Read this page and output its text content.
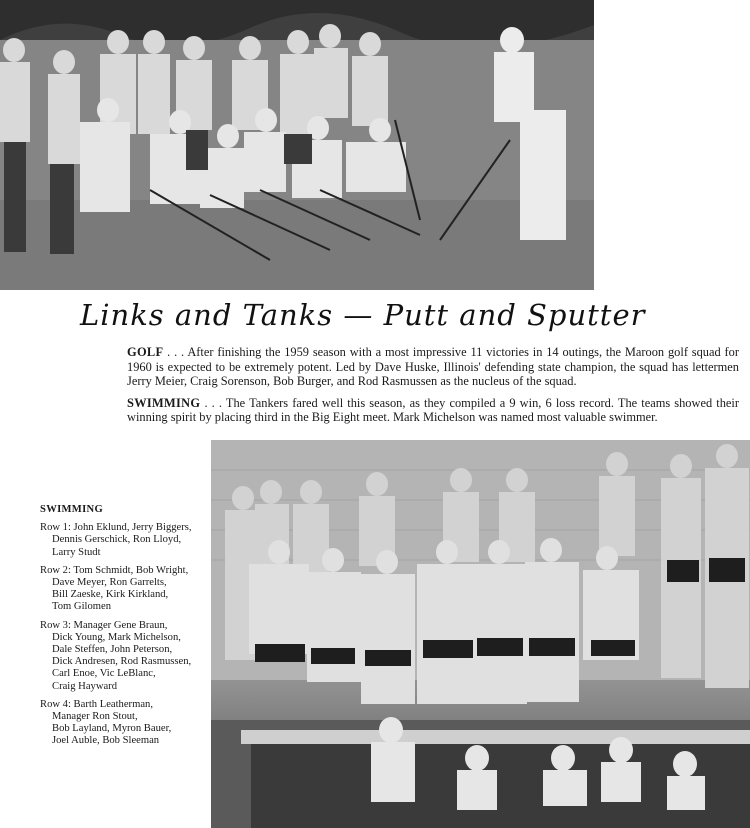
Links and Tanks — Putt and Sputter

GOLF . . . After finishing the 1959 season with a most impressive 11 victories in 14 outings, the Maroon golf squad for 1960 is expected to be extremely potent. Led by Dave Huske, Illinois' defending state champion, the squad has lettermen Jerry Meier, Craig Sorenson, Bob Burger, and Rod Rasmussen as the nucleus of the squad.

SWIMMING . . . The Tankers fared well this season, as they compiled a 9 win, 6 loss record. The teams showed their winning spirit by placing third in the Big Eight meet. Mark Michelson was named most valuable swimmer.

SWIMMING
Row 1: John Eklund, Jerry Biggers,
Dennis Gerschick, Ron Lloyd,
Larry Studt
Row 2: Tom Schmidt, Bob Wright,
Dave Meyer, Ron Garrelts,
Bill Zaeske, Kirk Kirkland,
Tom Gilomen
Row 3: Manager Gene Braun,
Dick Young, Mark Michelson,
Dale Steffen, John Peterson,
Dick Andresen, Rod Rasmussen,
Carl Enoe, Vic LeBlanc,
Craig Hayward
Row 4: Barth Leatherman,
Manager Ron Stout,
Bob Layland, Myron Bauer,
Joel Auble, Bob Sleeman
